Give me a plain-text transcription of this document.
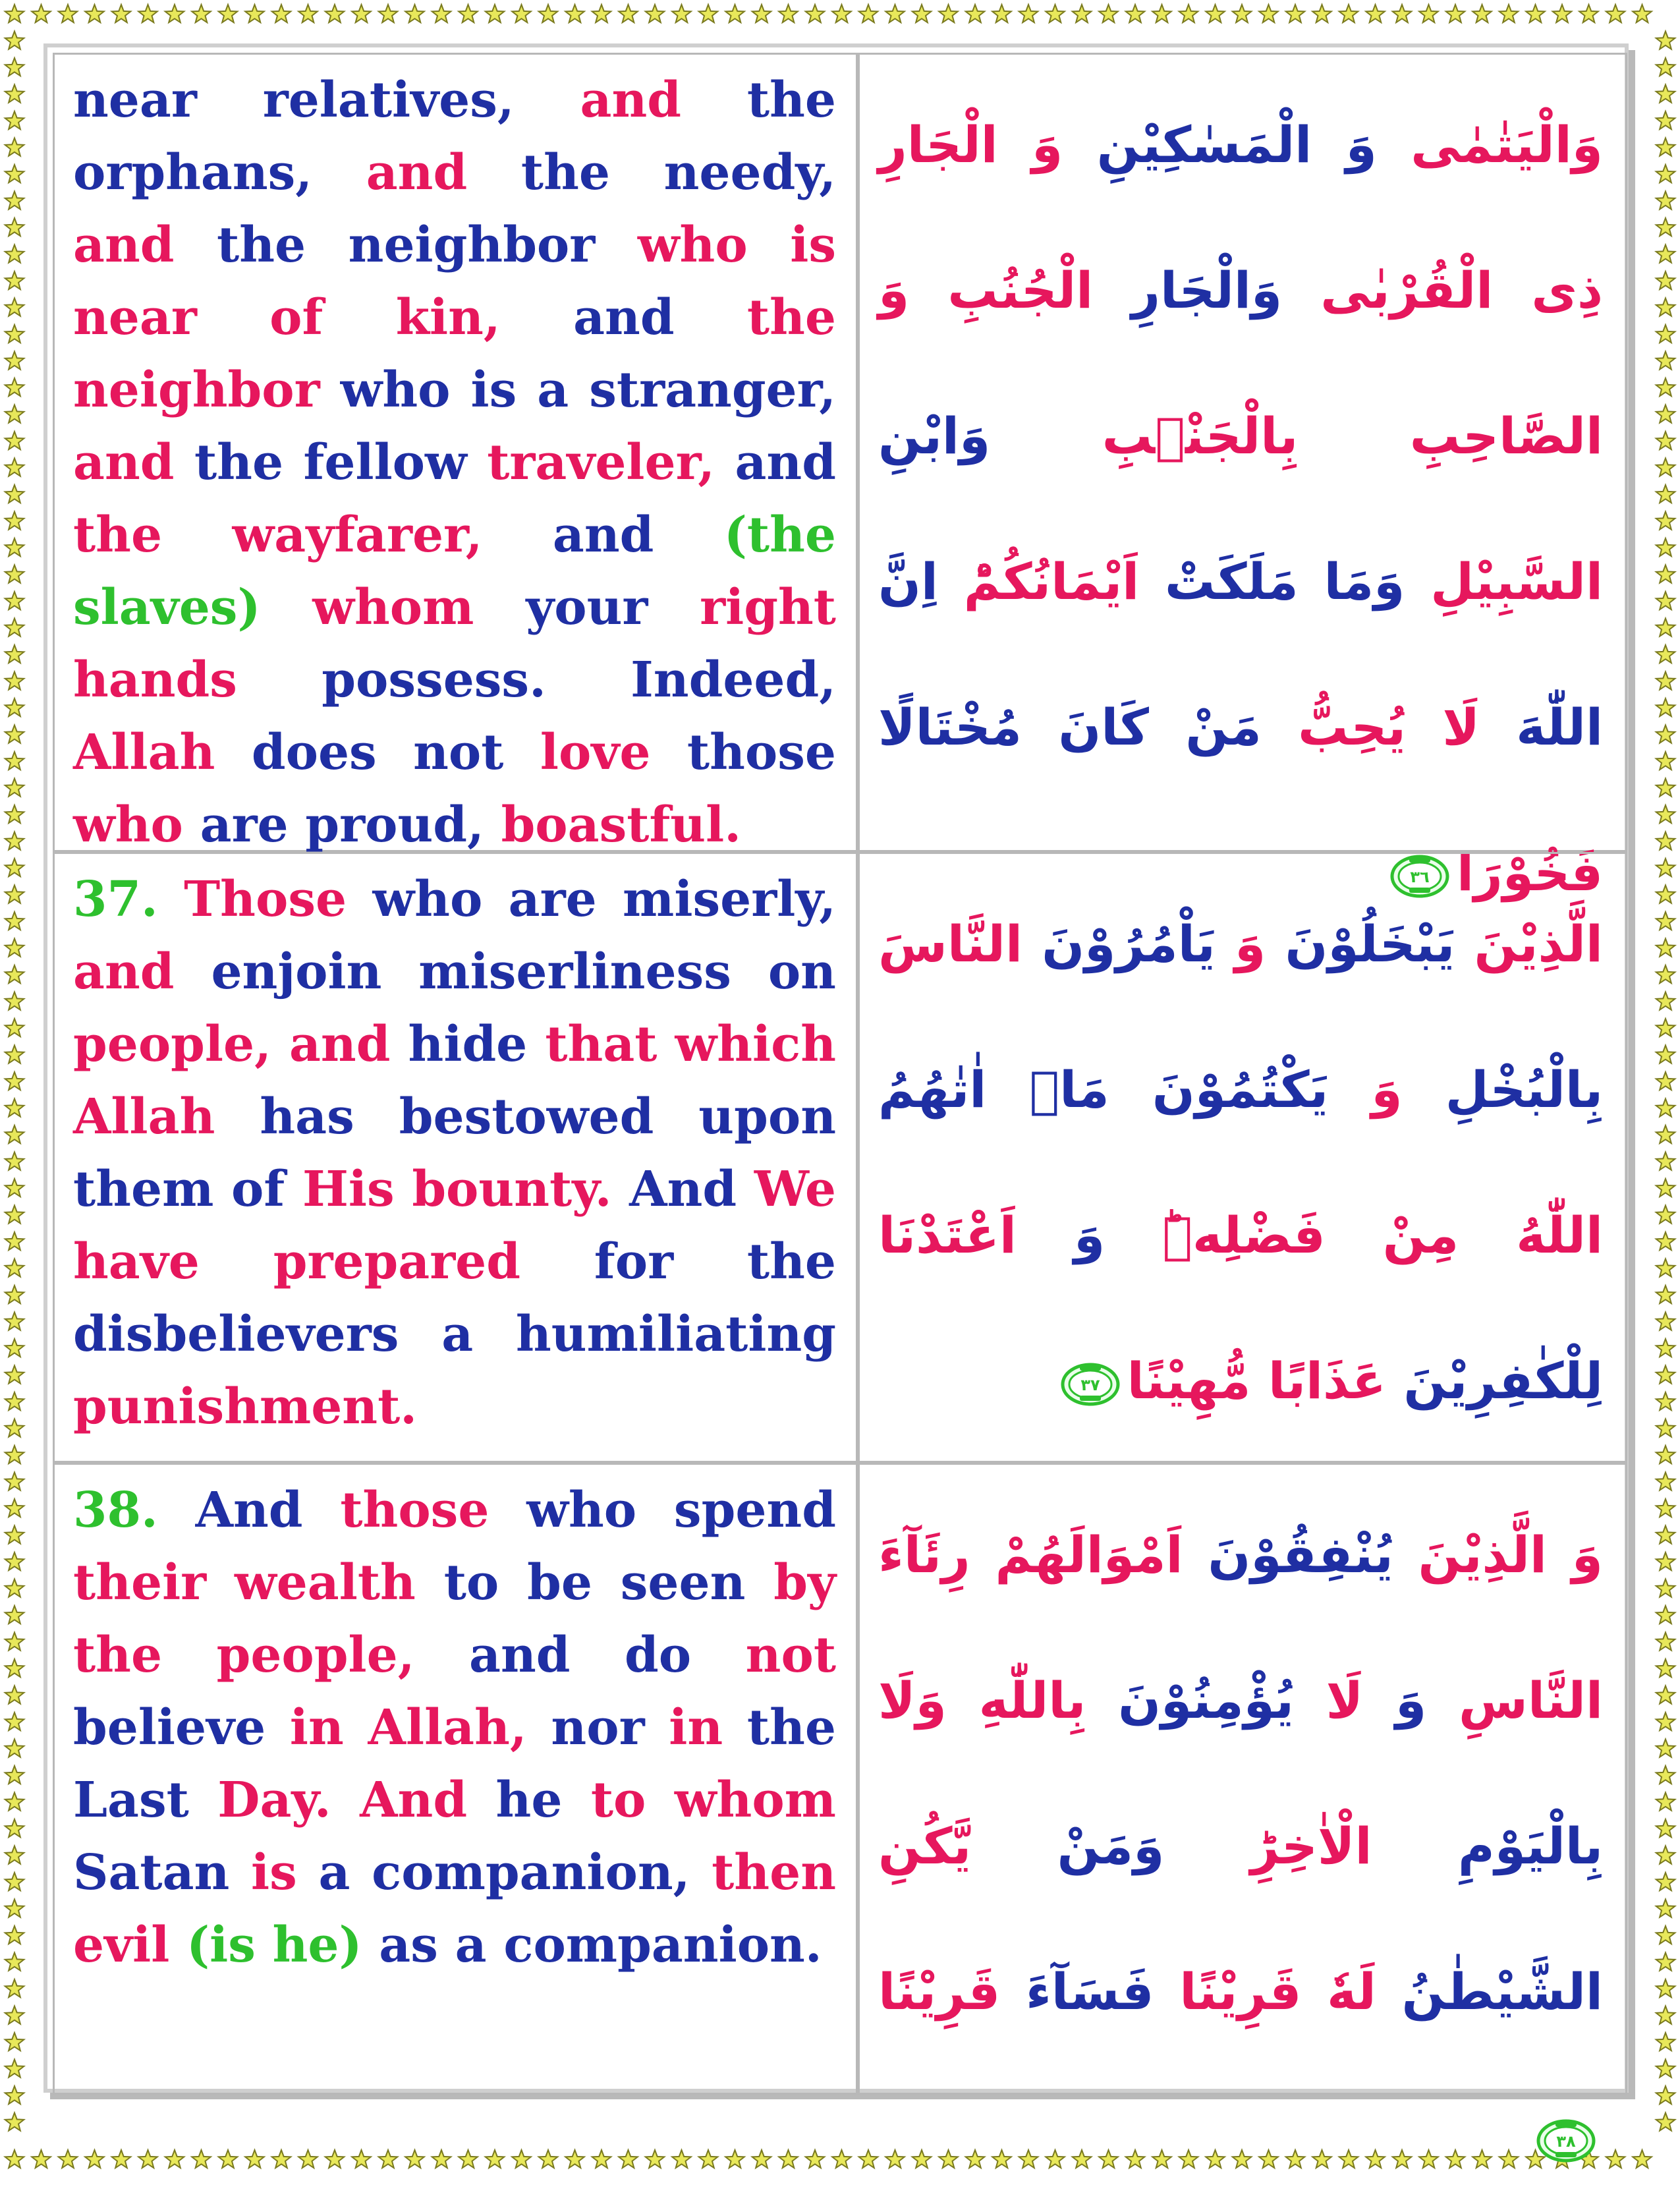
near relatives, and the orphans, and the needy, and the neighbor who is near of kin, and the neighbor who is a stranger, and the fellow traveler, and the wayfarer, and (the slaves) whom your right hands possess. Indeed, Allah does not love those who are proud, boastful.
وَالْيَتٰمٰى وَ الْمَسٰكِيْنِ وَ الْجَارِ ذِى الْقُرْبٰى وَالْجَارِ الْجُنُبِ وَ الصَّاحِبِ بِالْجَنْۢبِ وَابْنِ السَّبِيْلِ وَمَا مَلَكَتْ اَيْمَانُكُمْؕ اِنَّ اللّٰهَ لَا يُحِبُّ مَنْ كَانَ مُخْتَالًا فَخُوْرَا
٣٦
37. Those who are miserly, and enjoin miserliness on people, and hide that which Allah has bestowed upon them of His bounty. And We have prepared for the disbelievers a humiliating punishment.
الَّذِيْنَ يَبْخَلُوْنَ وَ يَاْمُرُوْنَ النَّاسَ بِالْبُخْلِ وَ يَكْتُمُوْنَ مَاۤ اٰتٰهُمُ اللّٰهُ مِنْ فَضْلِهٖؕ وَ اَعْتَدْنَا لِلْكٰفِرِيْنَ عَذَابًا مُّهِيْنًا
٣٧
38. And those who spend their wealth to be seen by the people, and do not believe in Allah, nor in the Last Day. And he to whom Satan is a companion, then evil (is he) as a companion.
وَ الَّذِيْنَ يُنْفِقُوْنَ اَمْوَالَهُمْ رِئَآءَ النَّاسِ وَ لَا يُؤْمِنُوْنَ بِاللّٰهِ وَلَا بِالْيَوْمِ الْاٰخِرِؕ وَمَنْ يَّكُنِ الشَّيْطٰنُ لَهٗ قَرِيْنًا فَسَآءَ قَرِيْنًا
٣٨
